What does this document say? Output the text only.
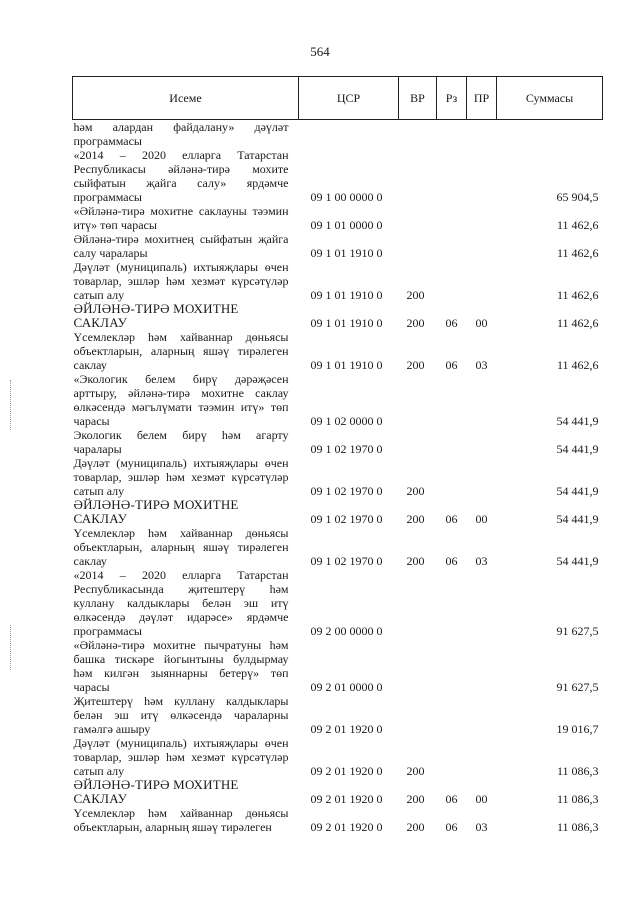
564
Исеме	ЦСР	ВР	Рз	ПР	Суммасы
һәм алардан файдалану» дәүләт программасы					
«2014 – 2020 елларга Татарстан Республикасы әйләнә-тирә мохите сыйфатын җайга салу» ярдәмче программасы	09 1 00 0000 0				65 904,5
«Әйләнә-тирә мохитне саклауны тәэмин итү» төп чарасы	09 1 01 0000 0				11 462,6
Әйләнә-тирә мохитнең сыйфатын җайга салу чаралары	09 1 01 1910 0				11 462,6
Дәүләт (муниципаль) ихтыяҗлары өчен товарлар, эшләр һәм хезмәт күрсәтүләр сатып алу	09 1 01 1910 0	200			11 462,6
ӘЙЛӘНӘ-ТИРӘ МОХИТНЕ САКЛАУ	09 1 01 1910 0	200	06	00	11 462,6
Үсемлекләр һәм хайваннар дөньясы объектларын, аларның яшәү тирәлеген саклау	09 1 01 1910 0	200	06	03	11 462,6
«Экологик белем бирү дәрәҗәсен арттыру, әйләнә-тирә мохитне саклау өлкәсендә мәгълүмати тәэмин итү» төп чарасы	09 1 02 0000 0				54 441,9
Экологик белем бирү һәм агарту чаралары	09 1 02 1970 0				54 441,9
Дәүләт (муниципаль) ихтыяҗлары өчен товарлар, эшләр һәм хезмәт күрсәтүләр сатып алу	09 1 02 1970 0	200			54 441,9
ӘЙЛӘНӘ-ТИРӘ МОХИТНЕ САКЛАУ	09 1 02 1970 0	200	06	00	54 441,9
Үсемлекләр һәм хайваннар дөньясы объектларын, аларның яшәү тирәлеген саклау	09 1 02 1970 0	200	06	03	54 441,9
«2014 – 2020 елларга Татарстан Республикасында җитештерү һәм куллану калдыклары белән эш итү өлкәсендә дәүләт идарәсе» ярдәмче программасы	09 2 00 0000 0				91 627,5
«Әйләнә-тирә мохитне пычратуны һәм башка тискәре йогынтыны булдырмау һәм килгән зыяннарны бетерү» төп чарасы	09 2 01 0000 0				91 627,5
Җитештерү һәм куллану калдыклары белән эш итү өлкәсендә чараларны гамәлгә ашыру	09 2 01 1920 0				19 016,7
Дәүләт (муниципаль) ихтыяҗлары өчен товарлар, эшләр һәм хезмәт күрсәтүләр сатып алу	09 2 01 1920 0	200			11 086,3
ӘЙЛӘНӘ-ТИРӘ МОХИТНЕ САКЛАУ	09 2 01 1920 0	200	06	00	11 086,3
Үсемлекләр һәм хайваннар дөньясы объектларын, аларның яшәү тирәлеген	09 2 01 1920 0	200	06	03	11 086,3
